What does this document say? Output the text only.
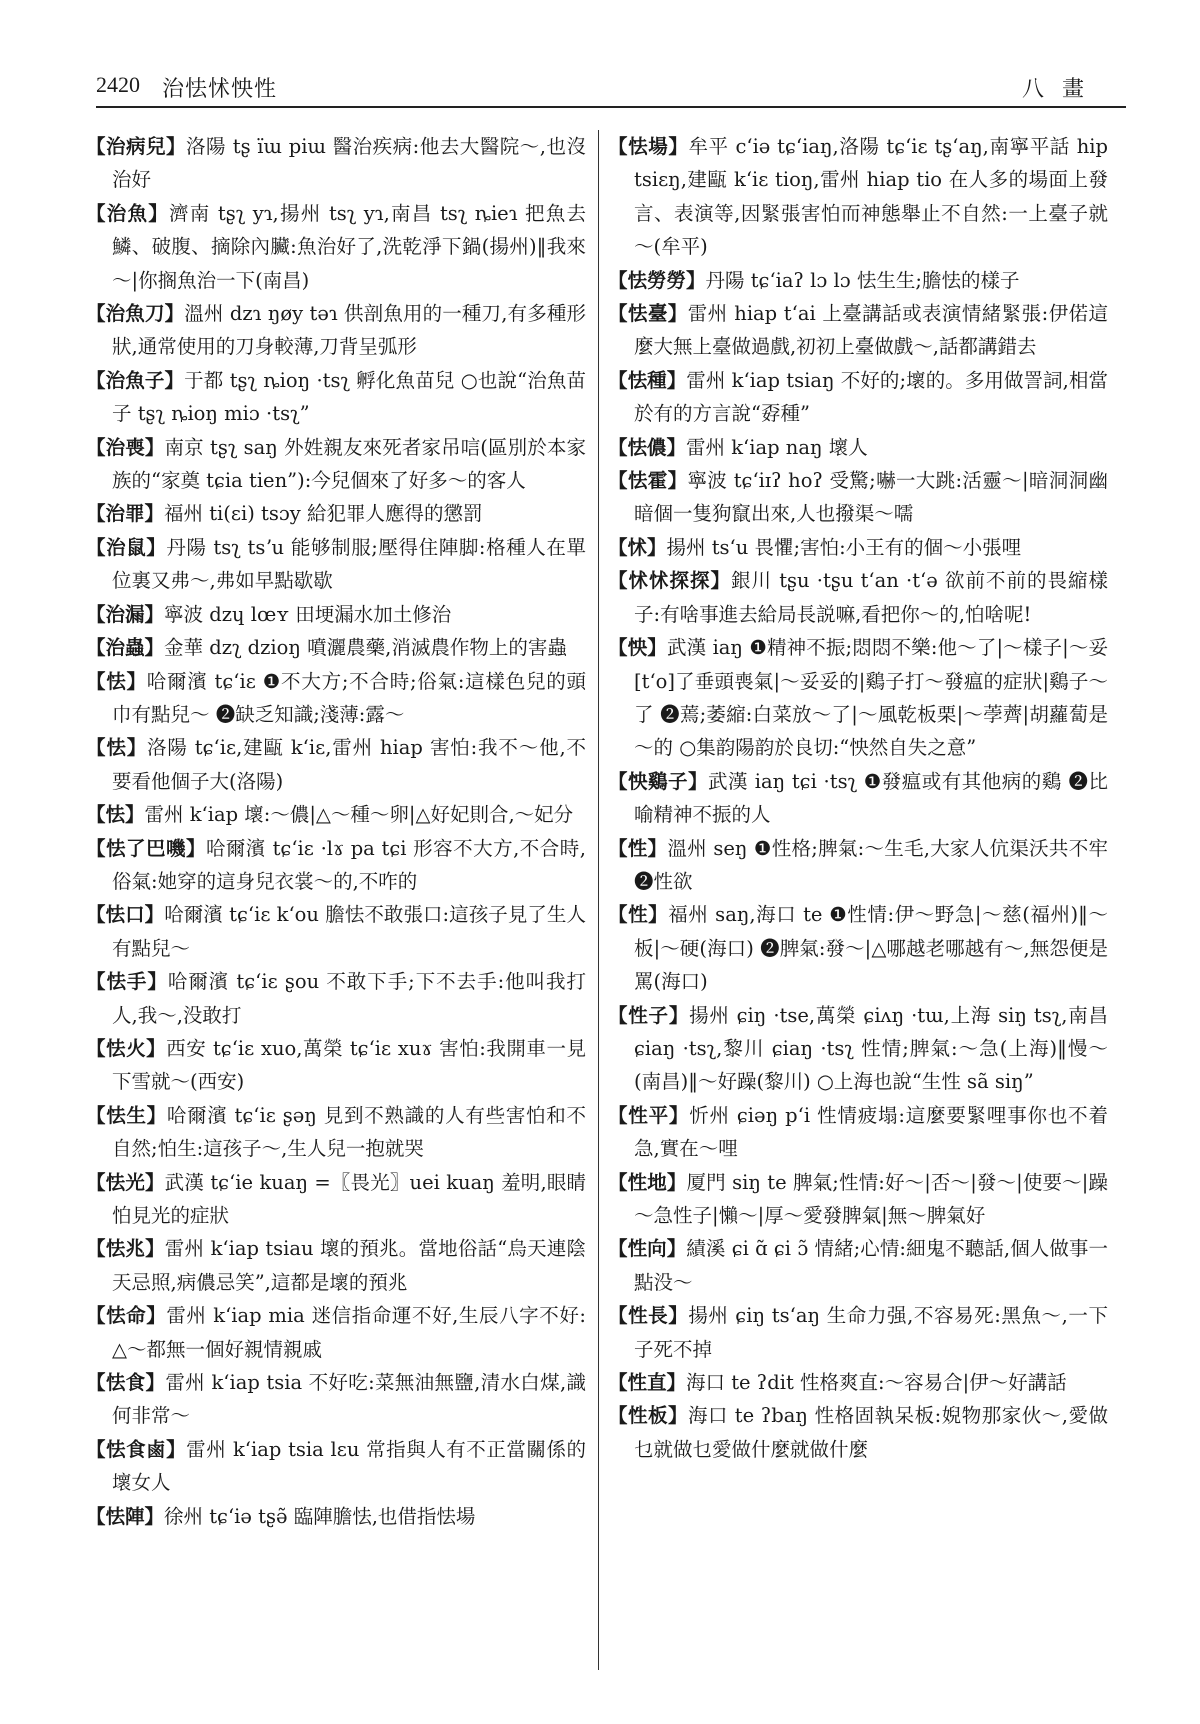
2420 治怯怵怏性	八畫

【治病兒】洛陽 tʂ ïɯ piɯ 醫治疾病:他去大醫院～,也沒治好

【治魚】濟南 tʂʅ yɿ,揚州 tsʅ yɿ,南昌 tsʅ ȵieɿ 把魚去鱗、破腹、摘除內臟:魚治好了,洗乾淨下鍋(揚州)‖我來～|你搁魚治一下(南昌)

【治魚刀】溫州 dzɿ ŋøy təɿ 供剖魚用的一種刀,有多種形狀,通常使用的刀身較薄,刀背呈弧形

【治魚子】于都 tʂʅ ȵioŋ ·tsʅ 孵化魚苗兒 ○也說“治魚苗子 tʂʅ ȵioŋ miɔ ·tsʅ”

【治喪】南京 tʂʅ saŋ 外姓親友來死者家吊唁(區別於本家族的“家奠 tɕia tien”):今兒個來了好多～的客人

【治罪】福州 ti(ɛi) tsɔy 給犯罪人應得的懲罰

【治鼠】丹陽 tsʅ tsʼu 能够制服;壓得住陣脚:格種人在單位裏又弗～,弗如早點歇歇

【治漏】寧波 dzɥ lœʏ 田埂漏水加土修治

【治蟲】金華 dzʅ dzioŋ 噴灑農藥,消滅農作物上的害蟲

【怯】哈爾濱 tɕʻiɛ ❶不大方;不合時;俗氣:這樣色兒的頭巾有點兒～ ❷缺乏知識;淺薄:露～

【怯】洛陽 tɕʻiɛ,建甌 kʻiɛ,雷州 hiap 害怕:我不～他,不要看他個子大(洛陽)

【怯】雷州 kʻiap 壞:～儂|△～種～卵|△好妃則合,～妃分

【怯了巴嘰】哈爾濱 tɕʻiɛ ·lɤ pa tɕi 形容不大方,不合時,俗氣:她穿的這身兒衣裳～的,不咋的

【怯口】哈爾濱 tɕʻiɛ kʻou 膽怯不敢張口:這孩子見了生人有點兒～

【怯手】哈爾濱 tɕʻiɛ ʂou 不敢下手;下不去手:他叫我打人,我～,没敢打

【怯火】西安 tɕʻiɛ xuo,萬榮 tɕʻiɛ xuɤ 害怕:我開車一見下雪就～(西安)

【怯生】哈爾濱 tɕʻiɛ ʂəŋ 見到不熟識的人有些害怕和不自然;怕生:這孩子～,生人兒一抱就哭

【怯光】武漢 tɕʻie kuaŋ =〖畏光〗uei kuaŋ 羞明,眼睛怕見光的症狀

【怯兆】雷州 kʻiap tsiau 壞的預兆。當地俗話“烏天連陰天忌照,病儂忌笑”,這都是壞的預兆

【怯命】雷州 kʻiap mia 迷信指命運不好,生辰八字不好:△～都無一個好親情親戚

【怯食】雷州 kʻiap tsia 不好吃:菜無油無鹽,清水白煤,識何非常～

【怯食鹵】雷州 kʻiap tsia lɛu 常指與人有不正當關係的壞女人

【怯陣】徐州 tɕʻiə tʂə̃ 臨陣膽怯,也借指怯場

【怯場】牟平 cʻiə tɕʻiaŋ,洛陽 tɕʻiɛ tʂʻaŋ,南寧平話 hip tsiɛŋ,建甌 kʻiɛ tioŋ,雷州 hiap tio 在人多的場面上發言、表演等,因緊張害怕而神態舉止不自然:一上臺子就～(牟平)

【怯勞勞】丹陽 tɕʻiaʔ lɔ lɔ 怯生生;膽怯的樣子

【怯臺】雷州 hiap tʻai 上臺講話或表演情緒緊張:伊偌這麼大無上臺做過戲,初初上臺做戲～,話都講錯去

【怯種】雷州 kʻiap tsiaŋ 不好的;壞的。多用做詈詞,相當於有的方言說“孬種”

【怯儂】雷州 kʻiap naŋ 壞人

【怯霍】寧波 tɕʻiɪʔ hoʔ 受驚;嚇一大跳:活靈～|暗洞洞幽暗個一隻狗竄出來,人也撥渠～嚅

【怵】揚州 tsʻu 畏懼;害怕:小王有的個～小張哩

【怵怵探探】銀川 tʂu ·tʂu tʻan ·tʻə 欲前不前的畏縮樣子:有啥事進去給局長説嘛,看把你～的,怕啥呢!

【怏】武漢 iaŋ ❶精神不振;悶悶不樂:他～了|～樣子|～妥[tʻo]了垂頭喪氣|～妥妥的|鷄子打～發瘟的症狀|鷄子～了 ❷蔫;萎縮:白菜放～了|～風乾板栗|～荸薺|胡蘿蔔是～的 ○集韵陽韵於良切:“怏然自失之意”

【怏鷄子】武漢 iaŋ tɕi ·tsʅ ❶發瘟或有其他病的鷄 ❷比喻精神不振的人

【性】溫州 seŋ ❶性格;脾氣:～生毛,大家人伉渠沃共不牢 ❷性欲

【性】福州 saŋ,海口 te ❶性情:伊～野急|～慈(福州)‖～板|～硬(海口) ❷脾氣:發～|△哪越老哪越有～,無怨便是罵(海口)

【性子】揚州 ɕiŋ ·tse,萬榮 ɕiʌŋ ·tɯ,上海 siŋ tsʅ,南昌 ɕiaŋ ·tsʅ,黎川 ɕiaŋ ·tsʅ 性情;脾氣:～急(上海)‖慢～(南昌)‖～好躁(黎川) ○上海也說“生性 sã siŋ”

【性平】忻州 ɕiəŋ pʻi 性情疲塌:這麼要緊哩事你也不着急,實在～哩

【性地】厦門 siŋ te 脾氣;性情:好～|否～|發～|使要～|躁～急性子|懶～|厚～愛發脾氣|無～脾氣好

【性向】績溪 ɕi ɑ̃ ɕi ɔ̃ 情緒;心情:細鬼不聽話,個人做事一點没～

【性長】揚州 ɕiŋ tsʻaŋ 生命力强,不容易死:黑魚～,一下子死不掉

【性直】海口 te ʔdit 性格爽直:～容易合|伊～好講話

【性板】海口 te ʔbaŋ 性格固執呆板:婗物那家伙～,愛做乜就做乜愛做什麼就做什麼
